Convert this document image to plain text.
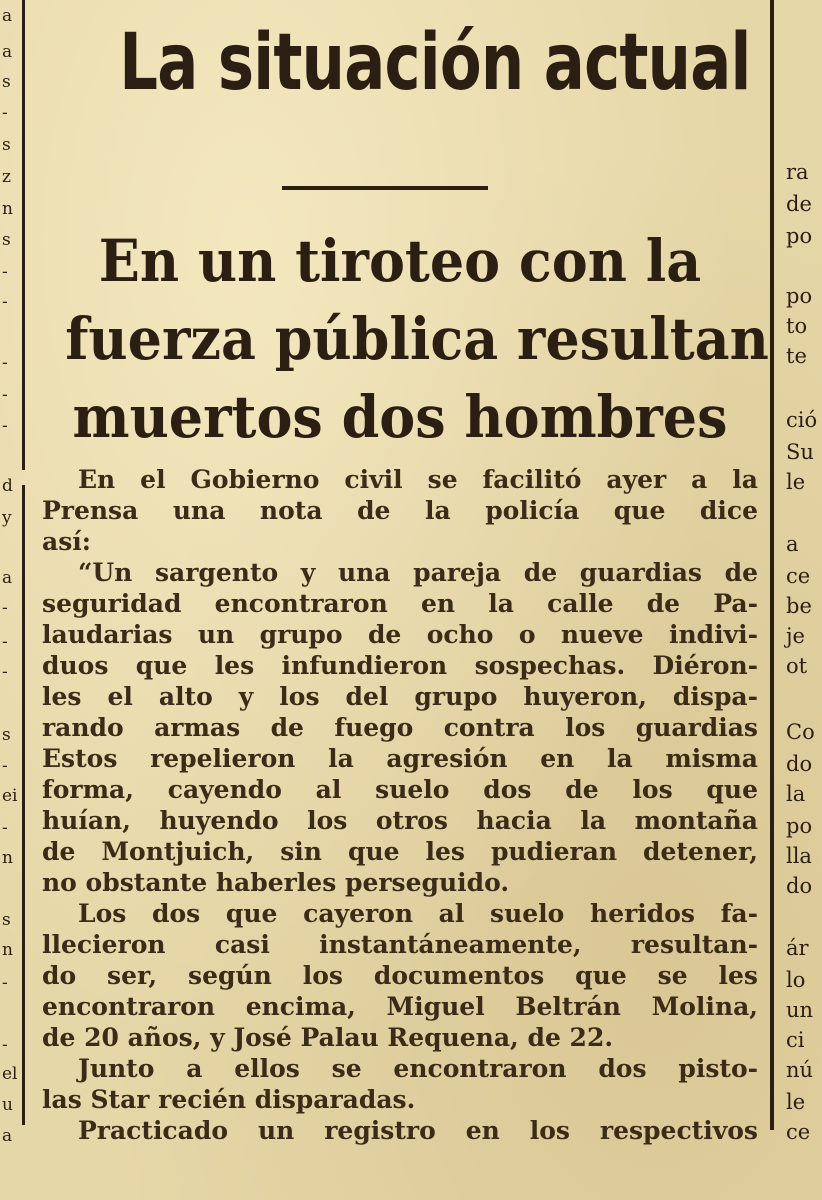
a
a
s
-
s
z
n
s
-
-
-
-
-
d
y
a
-
-
-
s
-
ei
-
n
s
n
-
-
el
u
a
ra
de
po
po
to
te
ció
Su
le
a
ce
be
je
ot
Co
do
la
po
lla
do
ár
lo
un
ci
nú
le
ce
La situación actual
En un tiroteo con la
fuerza pública resultan
muertos dos hombres
En el Gobierno civil se facilitó ayer a la
Prensa una nota de la policía que dice
así:
“Un sargento y una pareja de guardias de
seguridad encontraron en la calle de Pa-
laudarias un grupo de ocho o nueve indivi-
duos que les infundieron sospechas. Diéron-
les el alto y los del grupo huyeron, dispa-
rando armas de fuego contra los guardias
Estos repelieron la agresión en la misma
forma, cayendo al suelo dos de los que
huían, huyendo los otros hacia la montaña
de Montjuich, sin que les pudieran detener,
no obstante haberles perseguido.
Los dos que cayeron al suelo heridos fa-
llecieron casi instantáneamente, resultan-
do ser, según los documentos que se les
encontraron encima, Miguel Beltrán Molina,
de 20 años, y José Palau Requena, de 22.
Junto a ellos se encontraron dos pisto-
las Star recién disparadas.
Practicado un registro en los respectivos
